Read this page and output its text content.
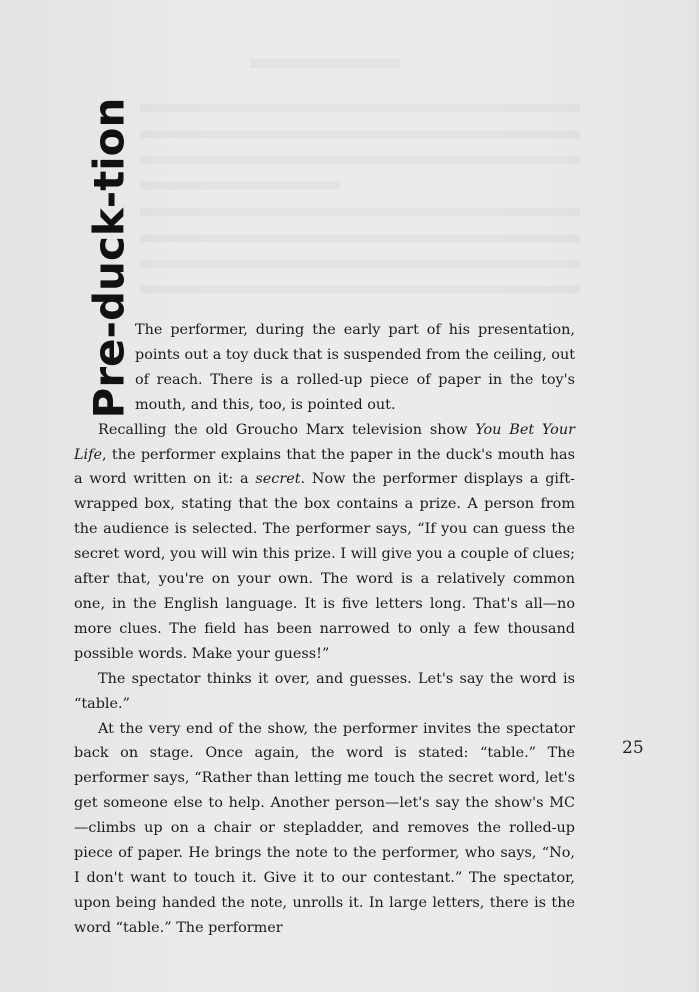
Pre-duck-tion The performer, during the early part of his presentation, points out a toy duck that is suspended from the ceiling, out of reach. There is a rolled-up piece of paper in the toy's mouth, and this, too, is pointed out.

Recalling the old Groucho Marx television show You Bet Your Life, the performer explains that the paper in the duck's mouth has a word written on it: a secret. Now the performer displays a gift-wrapped box, stating that the box contains a prize. A person from the audience is selected. The performer says, “If you can guess the secret word, you will win this prize. I will give you a couple of clues; after that, you're on your own. The word is a relatively common one, in the English language. It is five letters long. That's all—no more clues. The field has been narrowed to only a few thousand possible words. Make your guess!”

The spectator thinks it over, and guesses. Let's say the word is “table.”

At the very end of the show, the performer invites the spectator back on stage. Once again, the word is stated: “table.” The performer says, “Rather than letting me touch the secret word, let's get someone else to help. Another person—let's say the show's MC—climbs up on a chair or stepladder, and removes the rolled-up piece of paper. He brings the note to the performer, who says, “No, I don't want to touch it. Give it to our contestant.” The spectator, upon being handed the note, unrolls it. In large letters, there is the word “table.” The performer

25
